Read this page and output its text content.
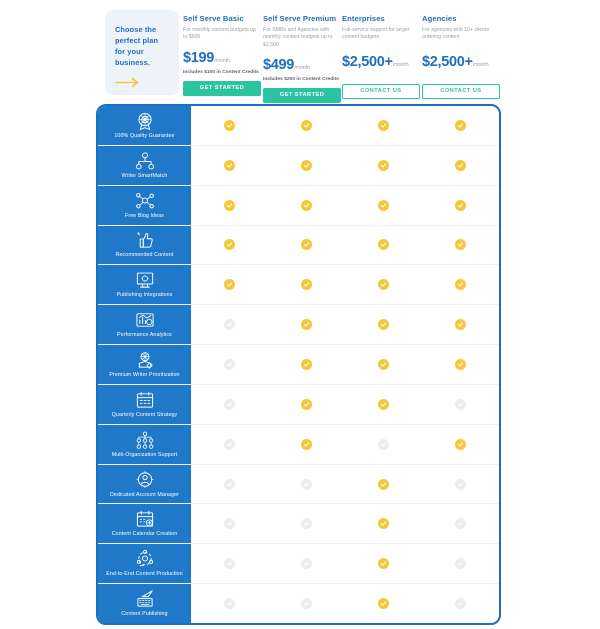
Choose the perfect plan for your business.
Self Serve Basic
For monthly content budgets up to $500
$199/month
Includes $100 in Content Credits
GET STARTED
Self Serve Premium
For SMBs and Agencies with monthly content budgets up to $2,500
$499/month
Includes $200 in Content Credits
GET STARTED
Enterprises
Full-service support for larger content budgets
$2,500+/month
CONTACT US
Agencies
For agencies with 10+ clients ordering content
$2,500+/month
CONTACT US
100% Quality Guarantee
Writer SmartMatch
Free Blog Ideas
Recommended Content
Publishing Integrations
Performance Analytics
Premium Writer Prioritization
Quarterly Content Strategy
Multi-Organization Support
Dedicated Account Manager
Content Calendar Creation
End-to-End Content Production
Content Publishing
